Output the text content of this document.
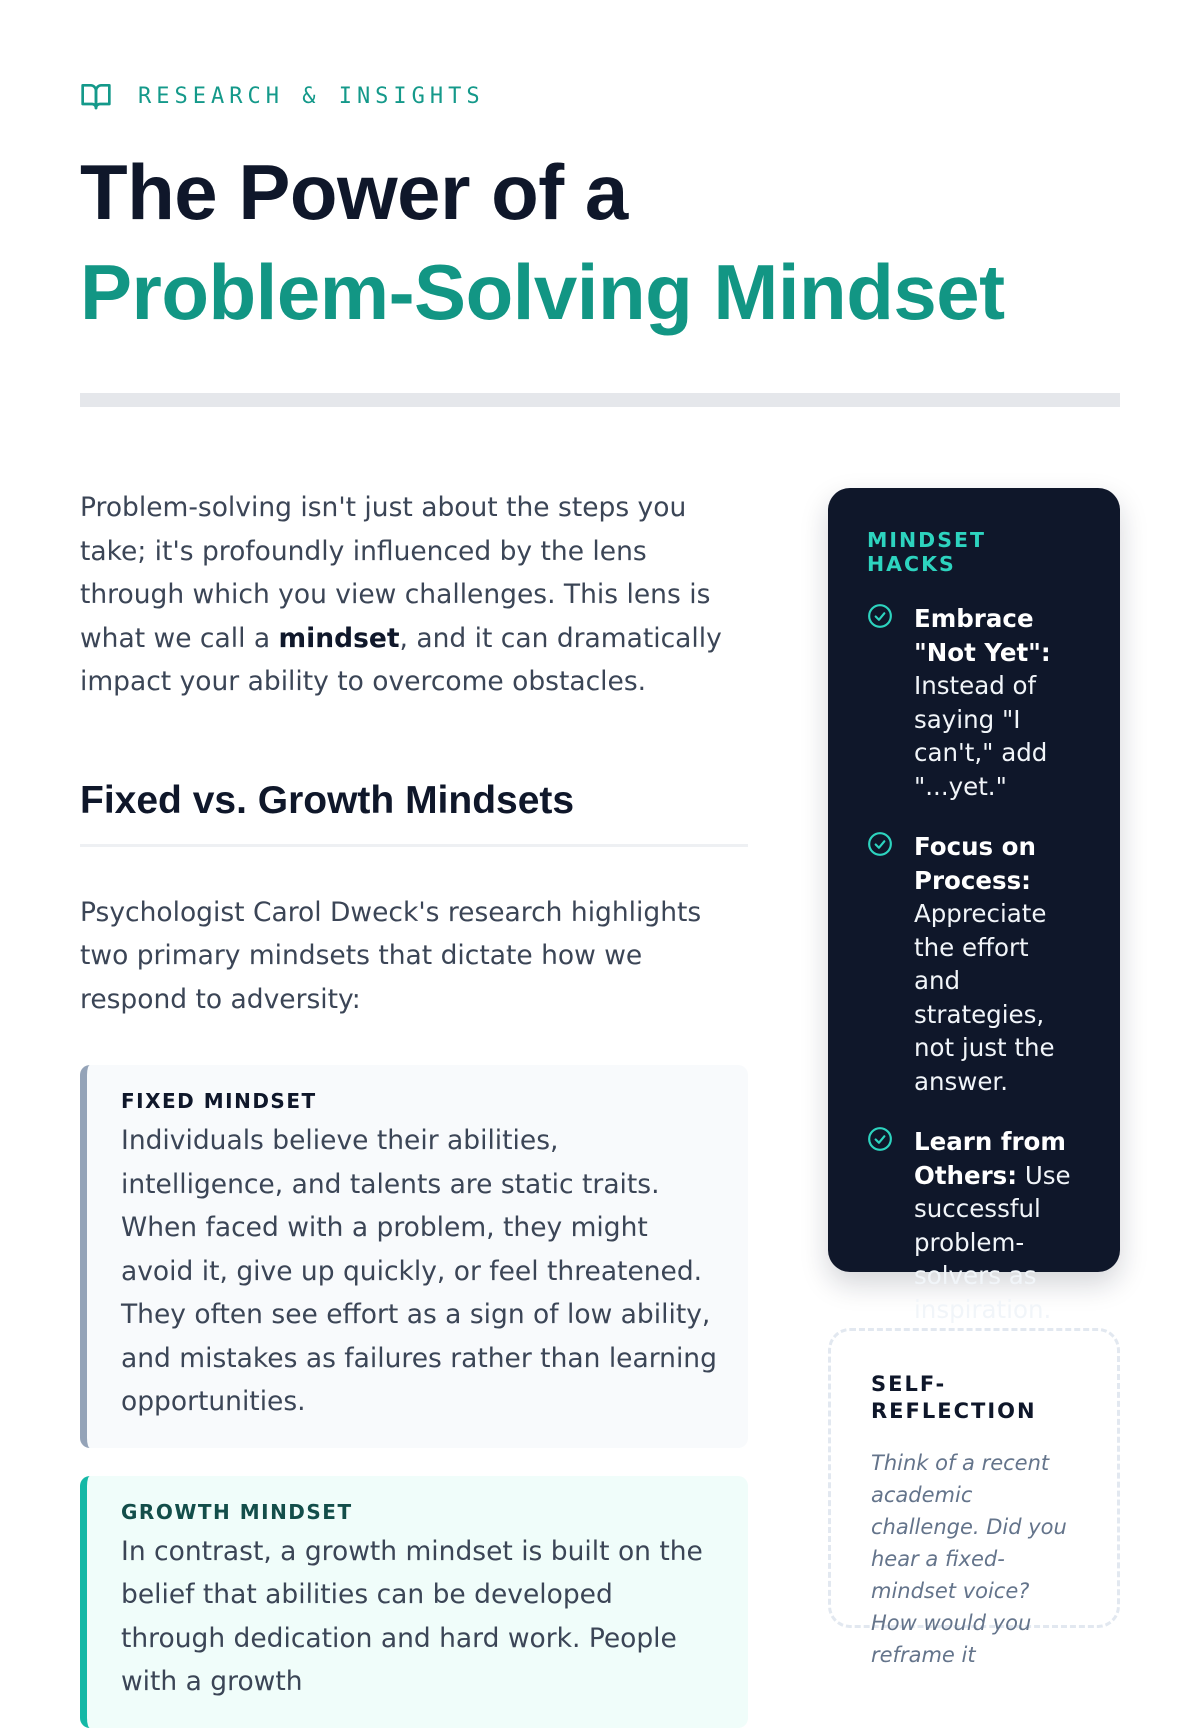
RESEARCH & INSIGHTS
The Power of a
Problem-Solving Mindset

Problem-solving isn't just about the steps you take; it's profoundly influenced by the lens through which you view challenges. This lens is what we call a mindset, and it can dramatically impact your ability to overcome obstacles.

Fixed vs. Growth Mindsets

Psychologist Carol Dweck's research highlights two primary mindsets that dictate how we respond to adversity:

FIXED MINDSET

Individuals believe their abilities, intelligence, and talents are static traits. When faced with a problem, they might avoid it, give up quickly, or feel threatened. They often see effort as a sign of low ability, and mistakes as failures rather than learning opportunities.

GROWTH MINDSET

In contrast, a growth mindset is built on the belief that abilities can be developed through dedication and hard work. People with a growth

MINDSET HACKS

Embrace "Not Yet": Instead of saying "I can't," add "...yet."

Focus on Process: Appreciate the effort and strategies, not just the answer.

Learn from Others: Use successful problem-solvers as inspiration.

SELF-REFLECTION

Think of a recent academic challenge. Did you hear a fixed-mindset voice? How would you reframe it
